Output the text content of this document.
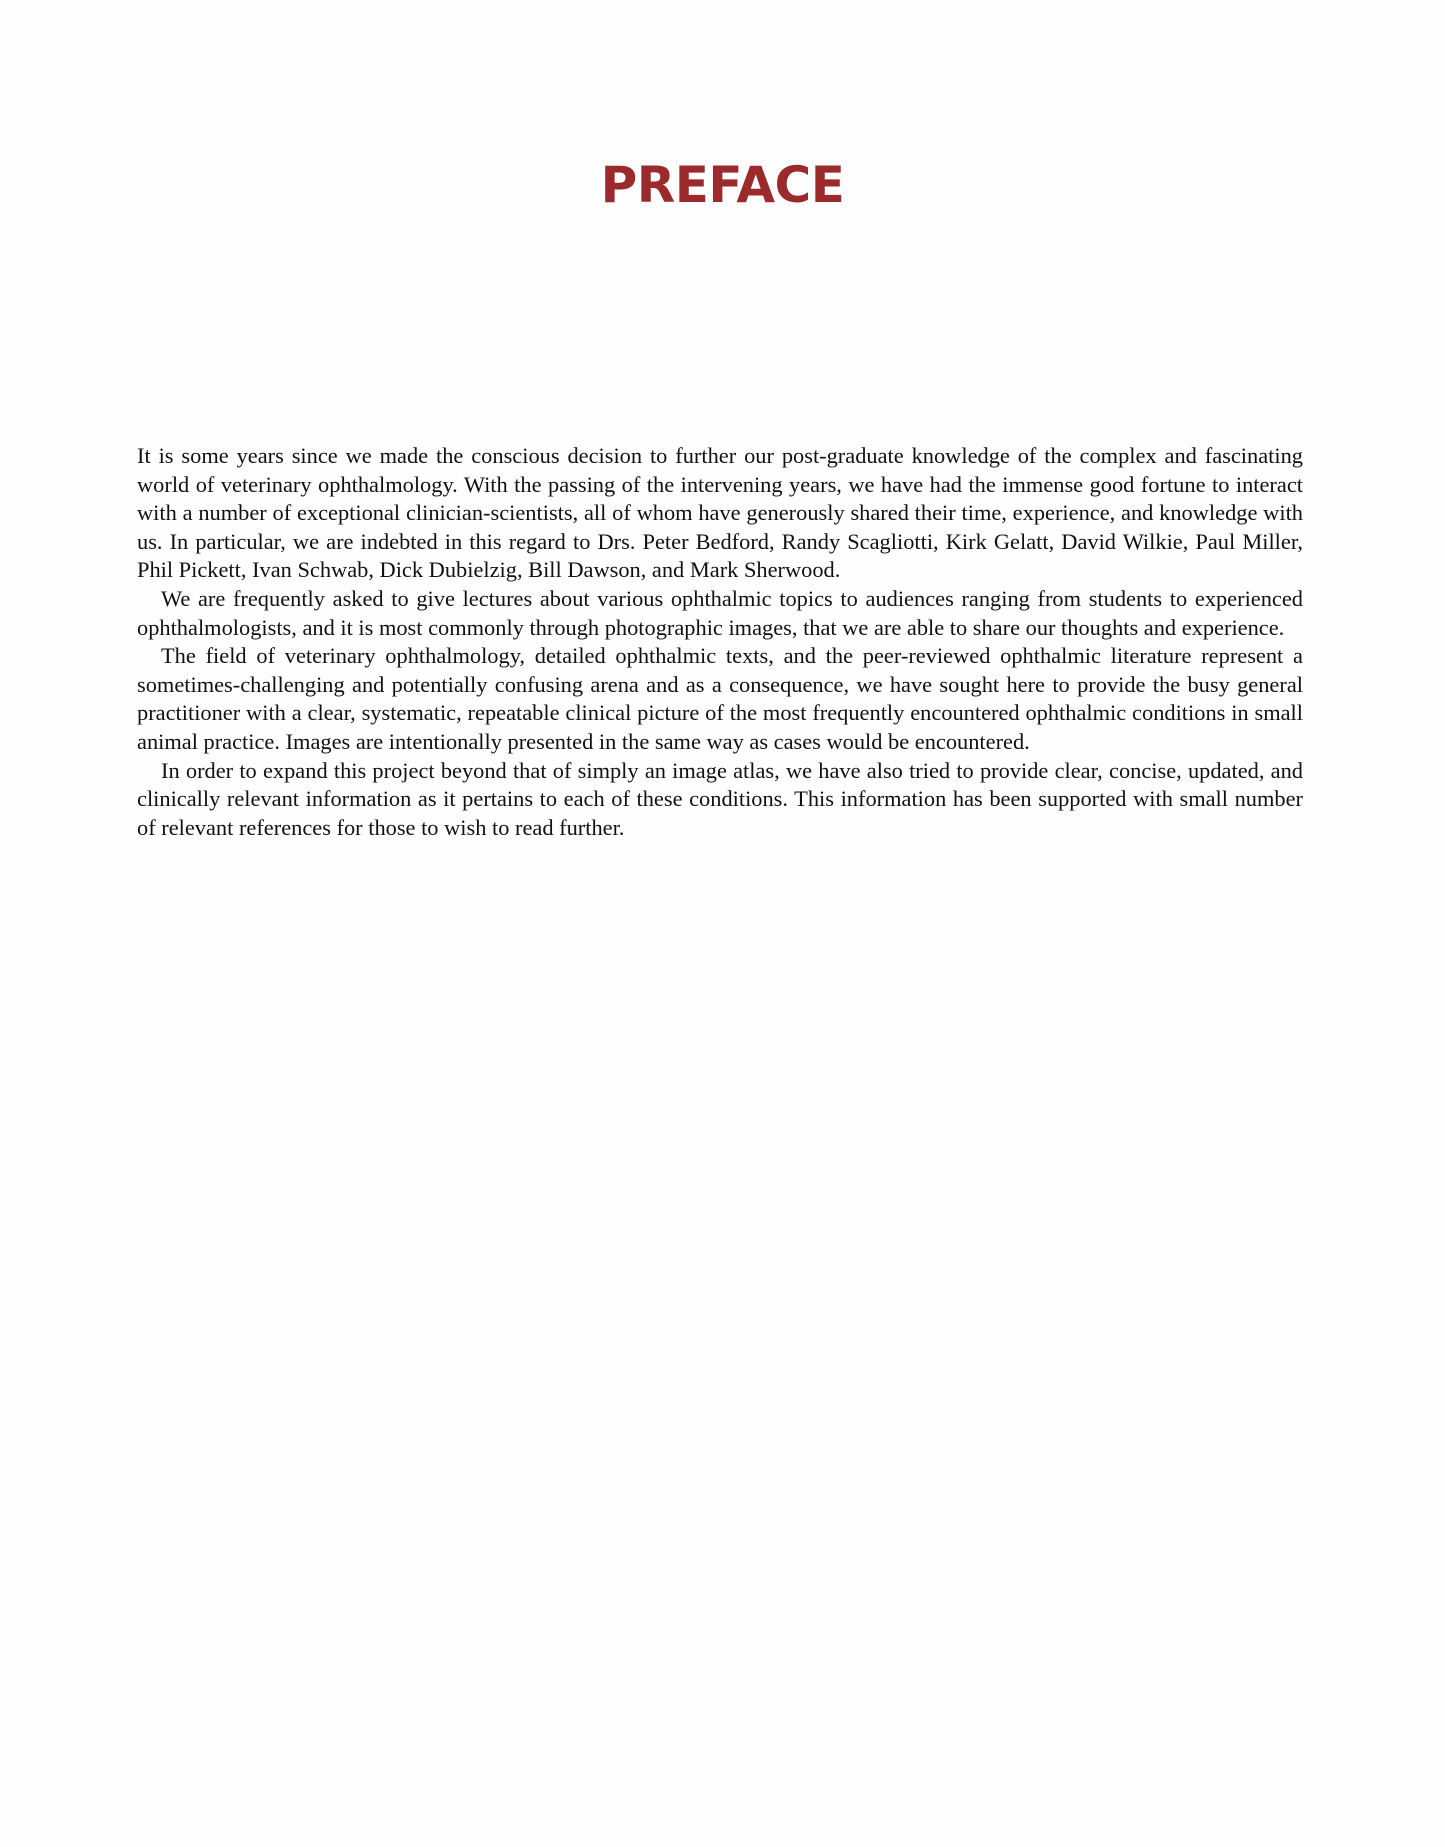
PREFACE

It is some years since we made the conscious decision to further our post-graduate knowledge of the complex and fascinating world of veterinary ophthalmology. With the passing of the intervening years, we have had the immense good fortune to interact with a number of exceptional clinician-scientists, all of whom have generously shared their time, experience, and knowledge with us. In particular, we are indebted in this regard to Drs. Peter Bedford, Randy Scagliotti, Kirk Gelatt, David Wilkie, Paul Miller, Phil Pickett, Ivan Schwab, Dick Dubielzig, Bill Dawson, and Mark Sherwood.

We are frequently asked to give lectures about various ophthalmic topics to audiences ranging from students to experienced ophthalmologists, and it is most commonly through photographic images, that we are able to share our thoughts and experience.

The field of veterinary ophthalmology, detailed ophthalmic texts, and the peer-reviewed ophthalmic literature represent a sometimes-challenging and potentially confusing arena and as a consequence, we have sought here to provide the busy general practitioner with a clear, systematic, repeatable clinical picture of the most frequently encountered ophthalmic conditions in small animal practice. Images are intentionally presented in the same way as cases would be encountered.

In order to expand this project beyond that of simply an image atlas, we have also tried to provide clear, concise, updated, and clinically relevant information as it pertains to each of these conditions. This information has been supported with small number of relevant references for those to wish to read further.
